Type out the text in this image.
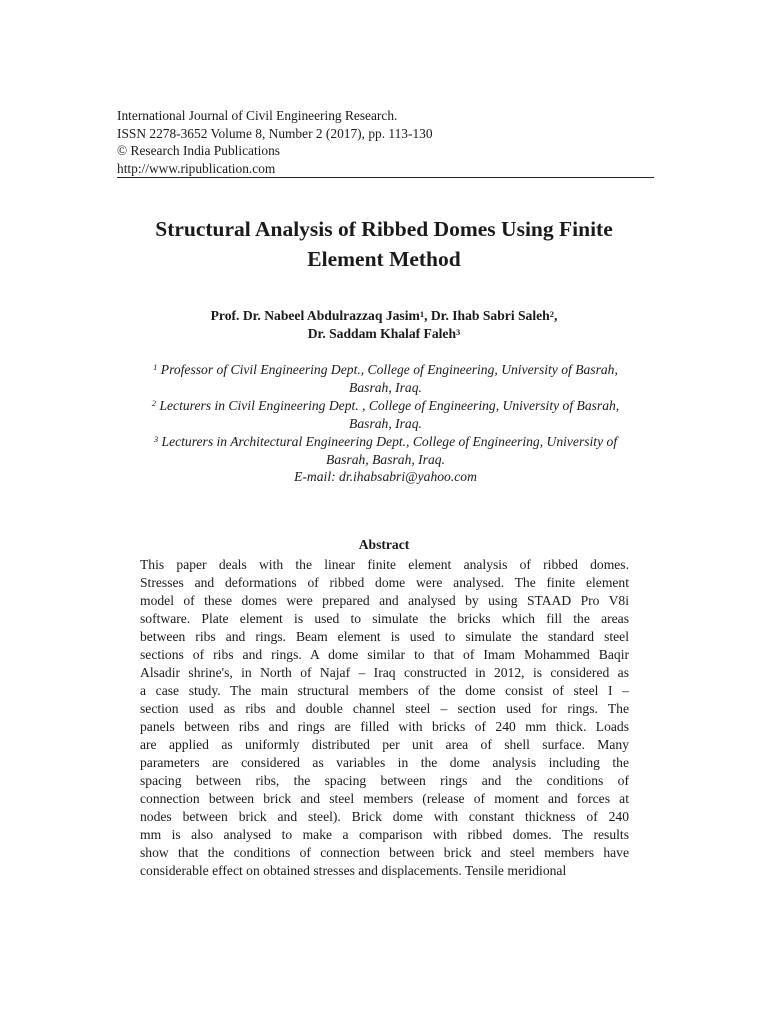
International Journal of Civil Engineering Research.
ISSN 2278-3652 Volume 8, Number 2 (2017), pp. 113-130
© Research India Publications
http://www.ripublication.com
Structural Analysis of Ribbed Domes Using Finite
Element Method
Prof. Dr. Nabeel Abdulrazzaq Jasim$^1$, Dr. Ihab Sabri Saleh$^2$,
Dr. Saddam Khalaf Faleh$^3$
$^1$ Professor of Civil Engineering Dept., College of Engineering, University of Basrah,
Basrah, Iraq.
$^2$ Lecturers in Civil Engineering Dept. , College of Engineering, University of Basrah,
Basrah, Iraq.
$^3$ Lecturers in Architectural Engineering Dept., College of Engineering, University of
Basrah, Basrah, Iraq.
E-mail: dr.ihabsabri@yahoo.com
Abstract
This paper deals with the linear finite element analysis of ribbed domes.
Stresses and deformations of ribbed dome were analysed. The finite element
model of these domes were prepared and analysed by using STAAD Pro V8i
software. Plate element is used to simulate the bricks which fill the areas
between ribs and rings. Beam element is used to simulate the standard steel
sections of ribs and rings. A dome similar to that of Imam Mohammed Baqir
Alsadir shrine's, in North of Najaf – Iraq constructed in 2012, is considered as
a case study. The main structural members of the dome consist of steel I –
section used as ribs and double channel steel – section used for rings. The
panels between ribs and rings are filled with bricks of 240 mm thick. Loads
are applied as uniformly distributed per unit area of shell surface. Many
parameters are considered as variables in the dome analysis including the
spacing between ribs, the spacing between rings and the conditions of
connection between brick and steel members (release of moment and forces at
nodes between brick and steel). Brick dome with constant thickness of 240
mm is also analysed to make a comparison with ribbed domes. The results
show that the conditions of connection between brick and steel members have
considerable effect on obtained stresses and displacements. Tensile meridional
